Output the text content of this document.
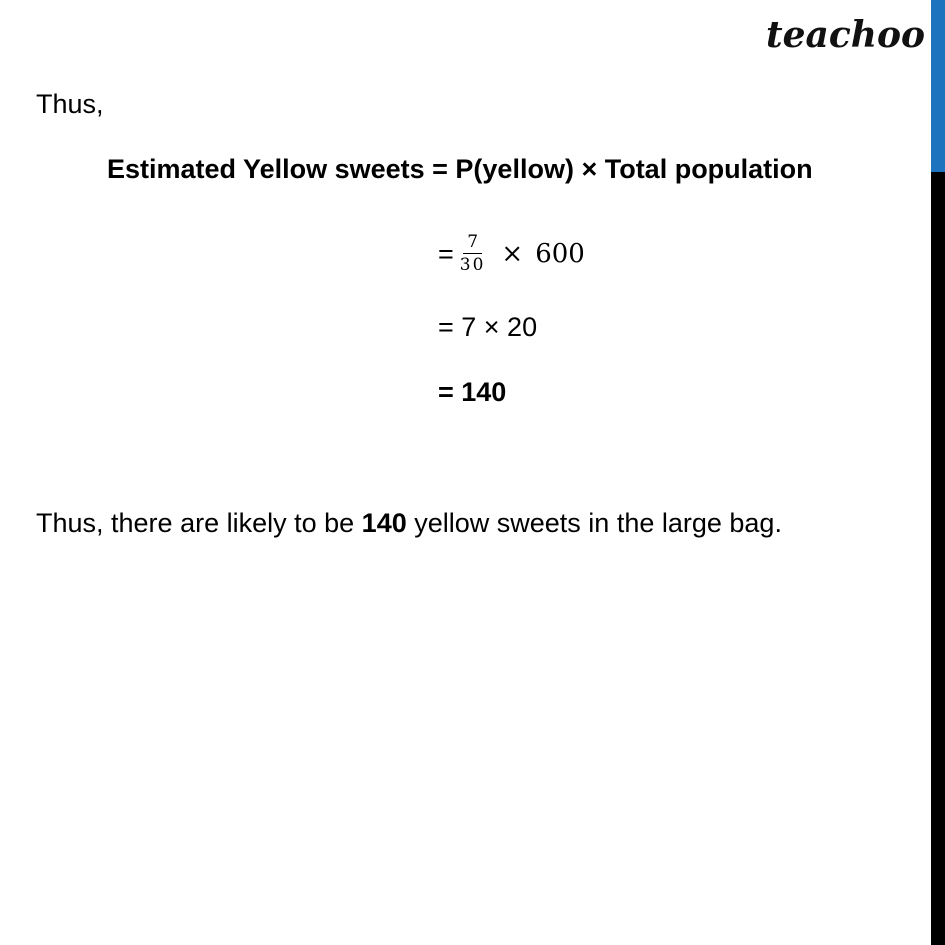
teachoo
Thus,
Estimated Yellow sweets = P(yellow) × Total population
= $\frac{7}{30} \times 600$
= 7 × 20
= 140
Thus, there are likely to be 140 yellow sweets in the large bag.
